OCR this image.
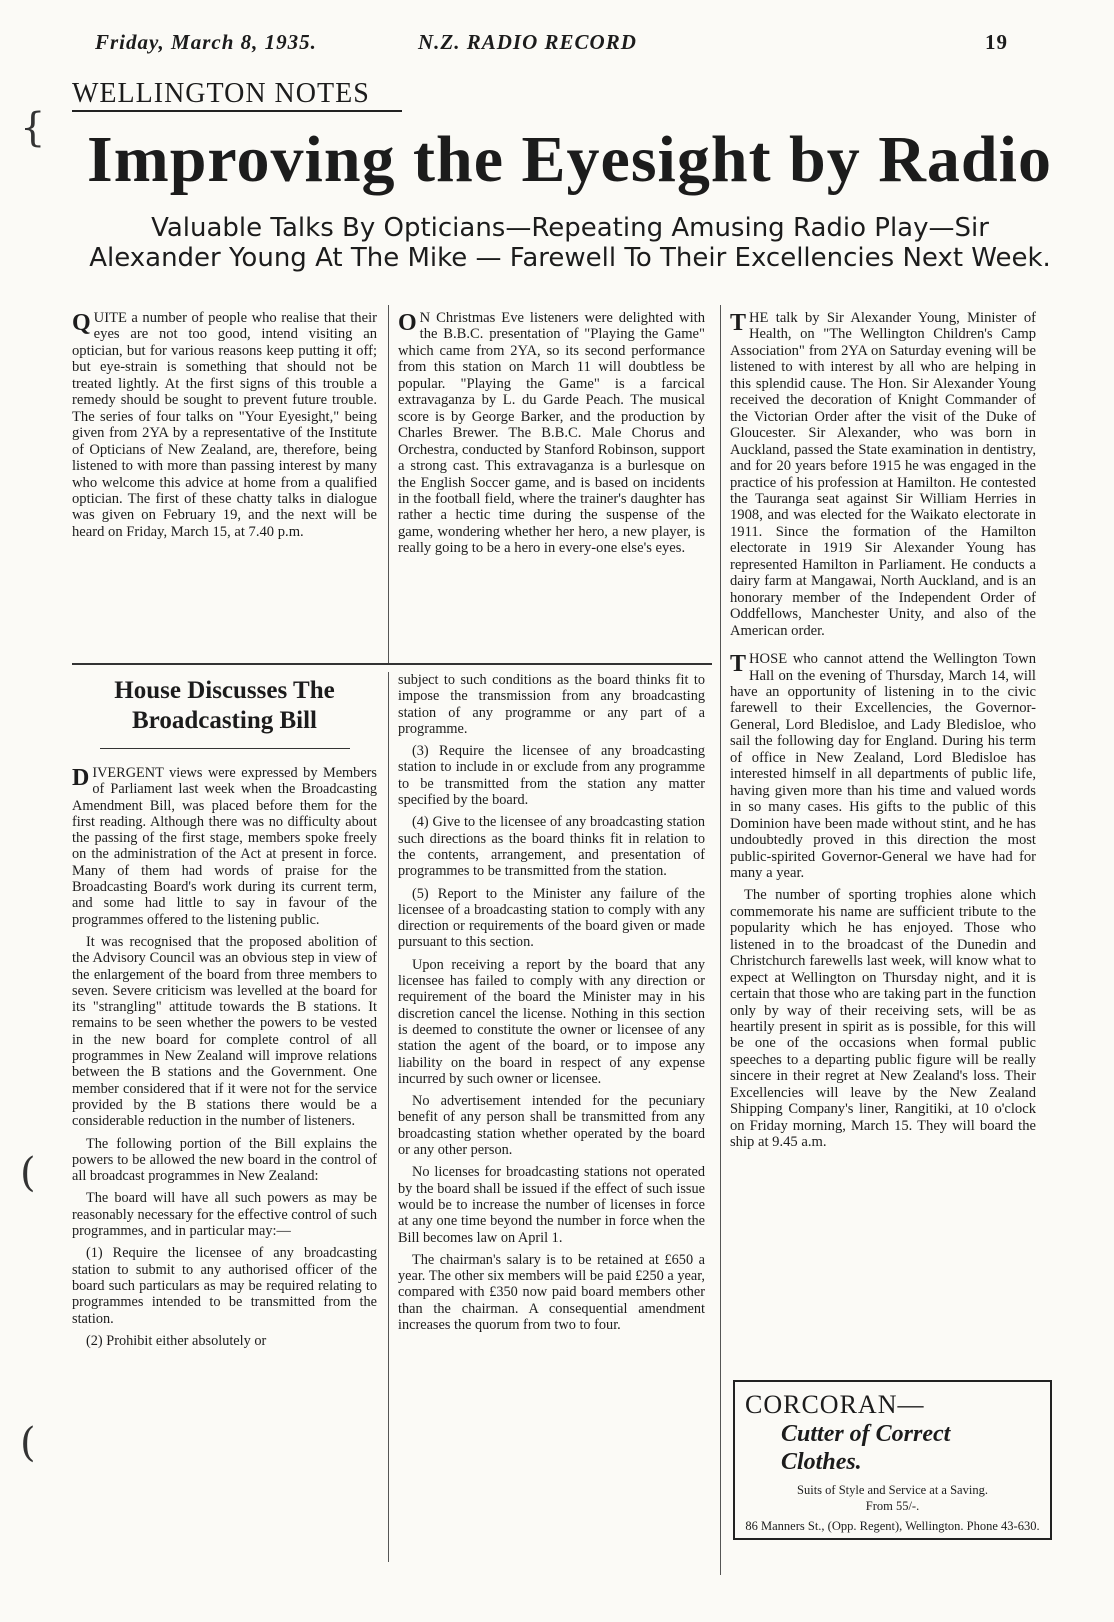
Friday, March 8, 1935.	N.Z. RADIO RECORD	19
WELLINGTON NOTES
Improving the Eyesight by Radio
Valuable Talks By Opticians—Repeating Amusing Radio Play—Sir Alexander Young At The Mike — Farewell To Their Excellencies Next Week.
{
(
(

QUITE a number of people who realise that their eyes are not too good, intend visiting an optician, but for various reasons keep putting it off; but eye-strain is something that should not be treated lightly. At the first signs of this trouble a remedy should be sought to prevent future trouble. The series of four talks on "Your Eyesight," being given from 2YA by a representative of the Institute of Opticians of New Zealand, are, therefore, being listened to with more than passing interest by many who welcome this advice at home from a qualified optician. The first of these chatty talks in dialogue was given on February 19, and the next will be heard on Friday, March 15, at 7.40 p.m.

O N Christmas Eve listeners were delighted with the B.B.C. presentation of "Playing the Game" which came from 2YA, so its second performance from this station on March 11 will doubtless be popular. "Playing the Game" is a farcical extravaganza by L. du Garde Peach. The musical score is by George Barker, and the production by Charles Brewer. The B.B.C. Male Chorus and Orchestra, conducted by Stanford Robinson, support a strong cast. This extravaganza is a burlesque on the English Soccer game, and is based on incidents in the football field, where the trainer's daughter has rather a hectic time during the suspense of the game, wondering whether her hero, a new player, is really going to be a hero in every-one else's eyes.

THE talk by Sir Alexander Young, Minister of Health, on "The Wellington Children's Camp Association" from 2YA on Saturday evening will be listened to with interest by all who are helping in this splendid cause. The Hon. Sir Alexander Young received the decoration of Knight Commander of the Victorian Order after the visit of the Duke of Gloucester. Sir Alexander, who was born in Auckland, passed the State examination in dentistry, and for 20 years before 1915 he was engaged in the practice of his profession at Hamilton. He contested the Tauranga seat against Sir William Herries in 1908, and was elected for the Waikato electorate in 1911. Since the formation of the Hamilton electorate in 1919 Sir Alexander Young has represented Hamilton in Parliament. He conducts a dairy farm at Mangawai, North Auckland, and is an honorary member of the Independent Order of Oddfellows, Manchester Unity, and also of the American order.

THOSE who cannot attend the Wellington Town Hall on the evening of Thursday, March 14, will have an opportunity of listening in to the civic farewell to their Excellencies, the Governor-General, Lord Bledisloe, and Lady Bledisloe, who sail the following day for England. During his term of office in New Zealand, Lord Bledisloe has interested himself in all departments of public life, having given more than his time and valued words in so many cases. His gifts to the public of this Dominion have been made without stint, and he has undoubtedly proved in this direction the most public-spirited Governor-General we have had for many a year.

The number of sporting trophies alone which commemorate his name are sufficient tribute to the popularity which he has enjoyed. Those who listened in to the broadcast of the Dunedin and Christchurch farewells last week, will know what to expect at Wellington on Thursday night, and it is certain that those who are taking part in the function only by way of their receiving sets, will be as heartily present in spirit as is possible, for this will be one of the occasions when formal public speeches to a departing public figure will be really sincere in their regret at New Zealand's loss. Their Excellencies will leave by the New Zealand Shipping Company's liner, Rangitiki, at 10 o'clock on Friday morning, March 15. They will board the ship at 9.45 a.m.

House Discusses The
Broadcasting Bill

DIVERGENT views were expressed by Members of Parliament last week when the Broadcasting Amendment Bill, was placed before them for the first reading. Although there was no difficulty about the passing of the first stage, members spoke freely on the administration of the Act at present in force. Many of them had words of praise for the Broadcasting Board's work during its current term, and some had little to say in favour of the programmes offered to the listening public.

It was recognised that the proposed abolition of the Advisory Council was an obvious step in view of the enlargement of the board from three members to seven. Severe criticism was levelled at the board for its "strangling" attitude towards the B stations. It remains to be seen whether the powers to be vested in the new board for complete control of all programmes in New Zealand will improve relations between the B stations and the Government. One member considered that if it were not for the service provided by the B stations there would be a considerable reduction in the number of listeners.

The following portion of the Bill explains the powers to be allowed the new board in the control of all broadcast programmes in New Zealand:

The board will have all such powers as may be reasonably necessary for the effective control of such programmes, and in particular may:—

(1) Require the licensee of any broadcasting station to submit to any authorised officer of the board such particulars as may be required relating to programmes intended to be transmitted from the station.

(2) Prohibit either absolutely or

subject to such conditions as the board thinks fit to impose the transmission from any broadcasting station of any programme or any part of a programme.

(3) Require the licensee of any broadcasting station to include in or exclude from any programme to be transmitted from the station any matter specified by the board.

(4) Give to the licensee of any broadcasting station such directions as the board thinks fit in relation to the contents, arrangement, and presentation of programmes to be transmitted from the station.

(5) Report to the Minister any failure of the licensee of a broadcasting station to comply with any direction or requirements of the board given or made pursuant to this section.

Upon receiving a report by the board that any licensee has failed to comply with any direction or requirement of the board the Minister may in his discretion cancel the license. Nothing in this section is deemed to constitute the owner or licensee of any station the agent of the board, or to impose any liability on the board in respect of any expense incurred by such owner or licensee.

No advertisement intended for the pecuniary benefit of any person shall be transmitted from any broadcasting station whether operated by the board or any other person.

No licenses for broadcasting stations not operated by the board shall be issued if the effect of such issue would be to increase the number of licenses in force at any one time beyond the number in force when the Bill becomes law on April 1.

The chairman's salary is to be retained at £650 a year. The other six members will be paid £250 a year, compared with £350 now paid board members other than the chairman. A consequential amendment increases the quorum from two to four.

CORCORAN—
Cutter of Correct
Clothes.
Suits of Style and Service at a Saving.
From 55/-.
86 Manners St., (Opp. Regent), Wellington. Phone 43-630.
